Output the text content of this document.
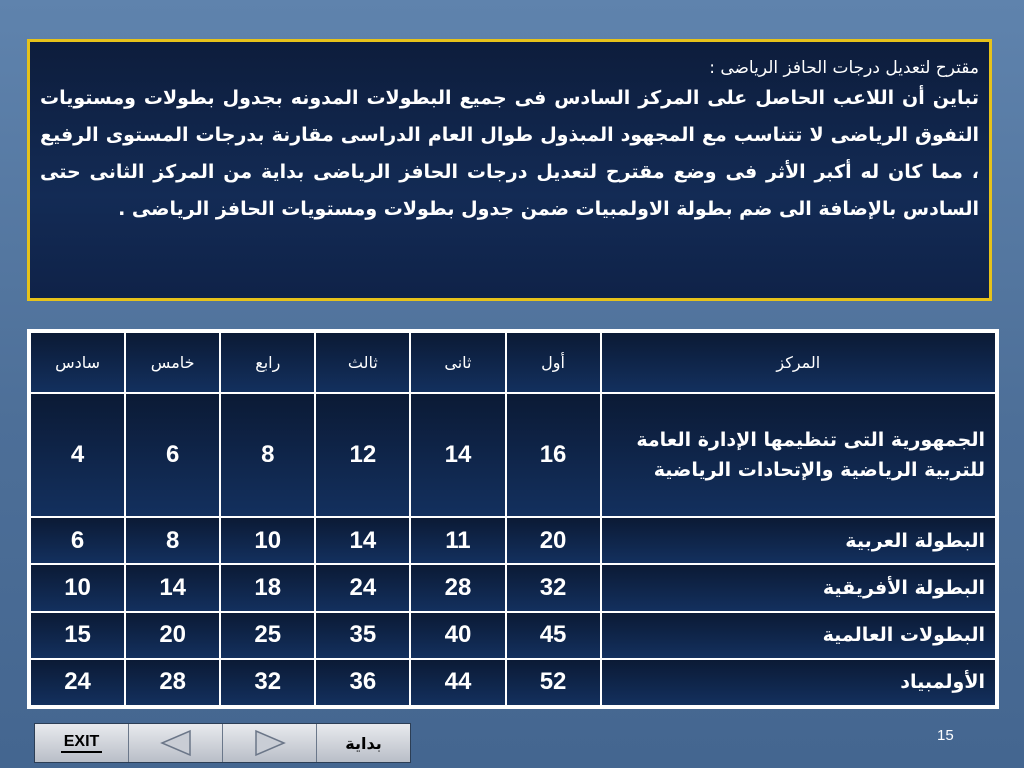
مقترح لتعديل درجات الحافز الرياضى :

تباين أن اللاعب الحاصل على المركز السادس فى جميع البطولات المدونه بجدول بطولات ومستويات التفوق الرياضى لا تتناسب مع المجهود المبذول طوال العام الدراسى مقارنة بدرجات المستوى الرفيع ، مما كان له أكبر الأثر فى وضع مقترح لتعديل درجات الحافز الرياضى بداية من المركز الثانى حتى السادس بالإضافة الى ضم بطولة الاولمبيات ضمن جدول بطولات ومستويات الحافز الرياضى .

المركز	أول	ثانى	ثالث	رابع	خامس	سادس
الجمهورية التى تنظيمها الإدارة العامة للتربية الرياضية والإتحادات الرياضية	16	14	12	8	6	4
البطولة العربية	20	11	14	10	8	6
البطولة الأفريقية	32	28	24	18	14	10
البطولات العالمية	45	40	35	25	20	15
الأولمبياد	52	44	36	32	28	24
EXIT	بداية	15
